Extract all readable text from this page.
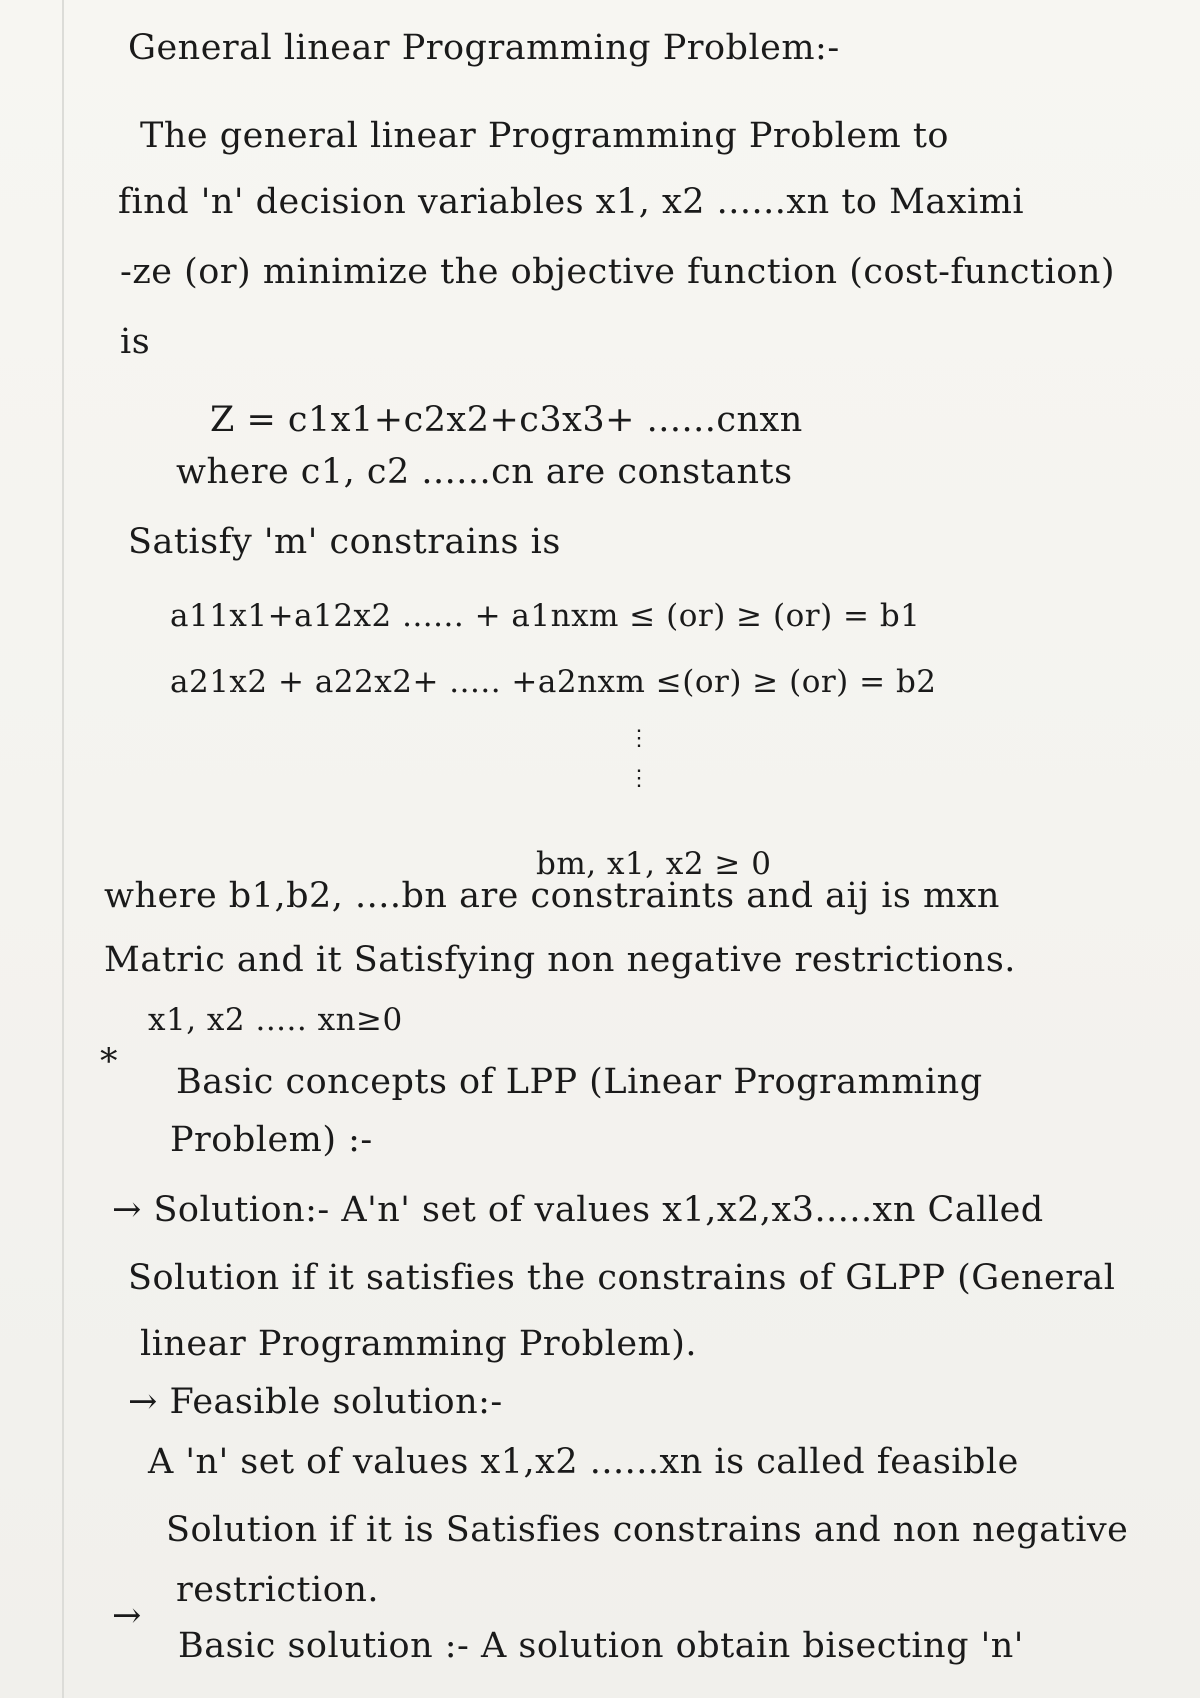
General linear Programming Problem:-
The general linear Programming Problem to
find 'n' decision variables x1, x2 ......xn to Maximi
-ze (or) minimize the objective function (cost-function)
is
Z = c1x1+c2x2+c3x3+ ......cnxn
where c1, c2 ......cn are constants
Satisfy 'm' constrains is
a11x1+a12x2 ...... + a1nxm ≤ (or) ≥ (or) = b1
a21x2 + a22x2+ ..... +a2nxm ≤(or) ≥ (or) = b2
⋮
⋮
bm, x1, x2 ≥ 0
where b1,b2, ....bn are constraints and aij is mxn
Matric and it Satisfying non negative restrictions.
x1, x2 ..... xn≥0
* Basic concepts of LPP (Linear Programming
Problem) :-
→ Solution:- A'n' set of values x1,x2,x3.....xn Called
Solution if it satisfies the constrains of GLPP (General
linear Programming Problem).
→ Feasible solution:-
A 'n' set of values x1,x2 ......xn is called feasible
Solution if it is Satisfies constrains and non negative
restriction.
→
Basic solution :- A solution obtain bisecting 'n'
